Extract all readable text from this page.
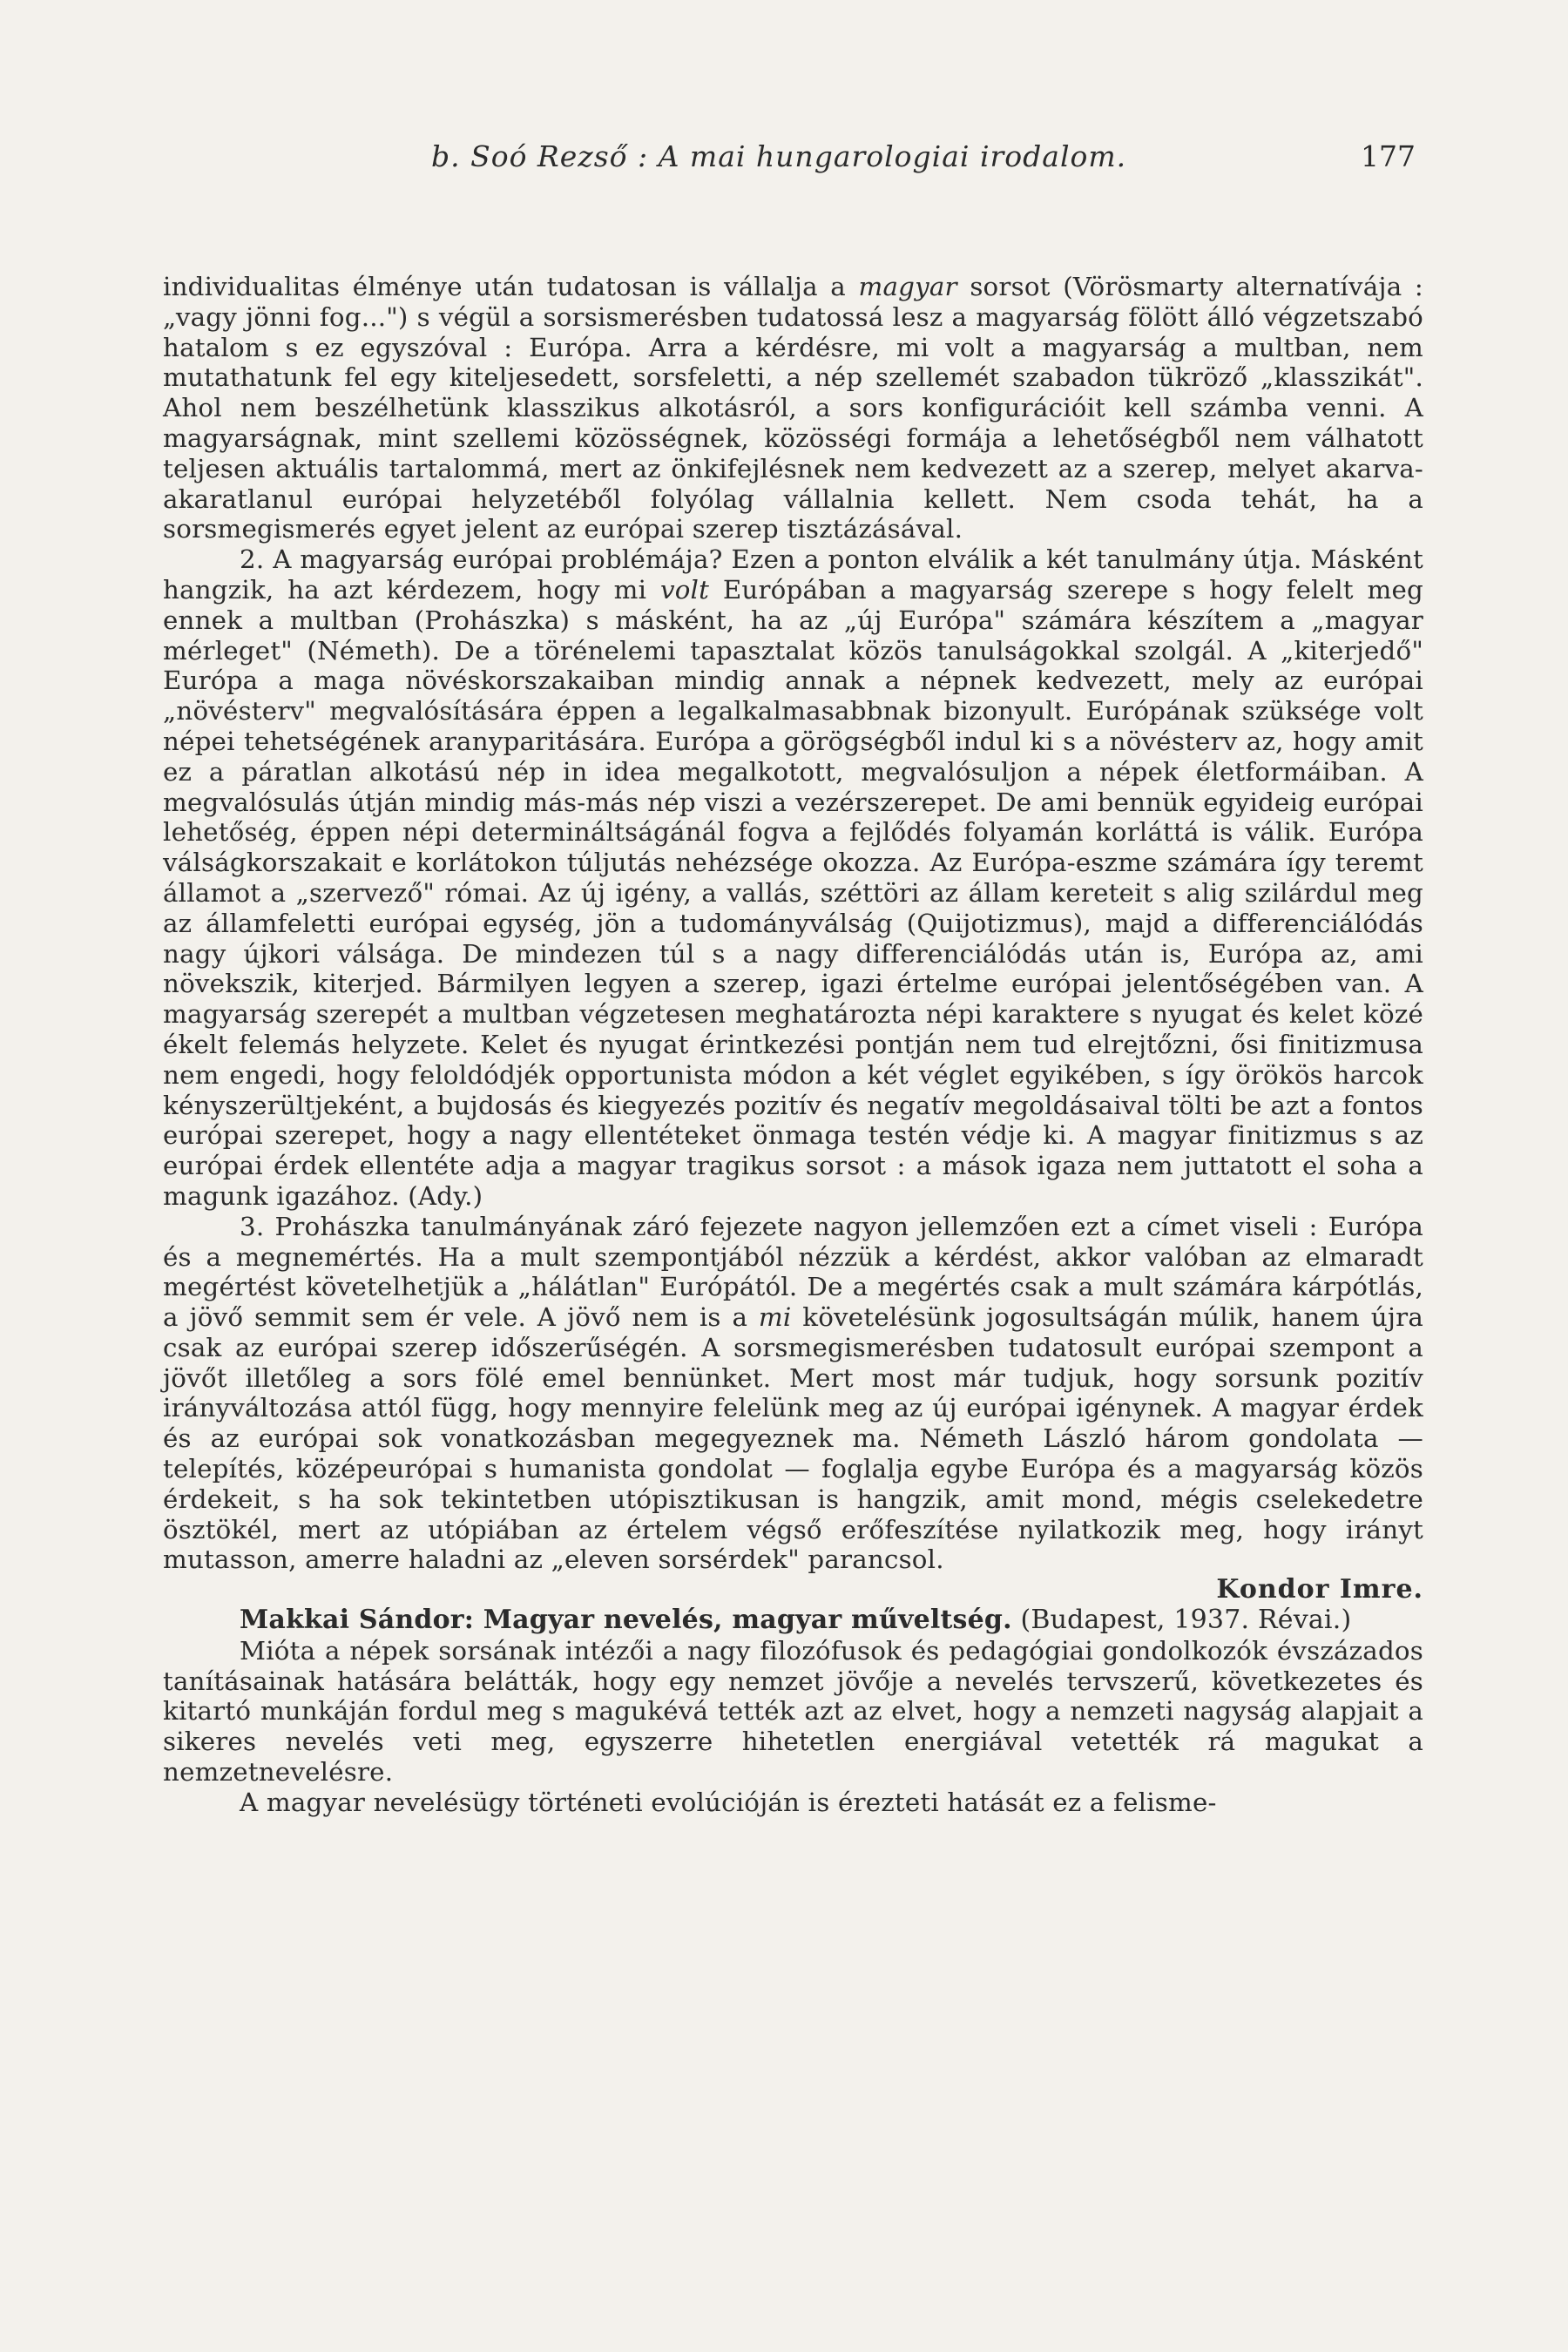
b. Soó Rezső : A mai hungarologiai irodalom.	177

individualitas élménye után tudatosan is vállalja a magyar sorsot (Vörösmarty alternatívája : „vagy jönni fog...") s végül a sorsismerésben tudatossá lesz a magyarság fölött álló végzetszabó hatalom s ez egyszóval : Európa. Arra a kérdésre, mi volt a magyarság a multban, nem mutathatunk fel egy kiteljesedett, sorsfeletti, a nép szellemét szabadon tükröző „klasszikát". Ahol nem beszélhetünk klasszikus alkotásról, a sors konfigurációit kell számba venni. A magyarságnak, mint szellemi közösségnek, közösségi formája a lehetőségből nem válhatott teljesen aktuális tartalommá, mert az önkifejlésnek nem kedvezett az a szerep, melyet akarva-akaratlanul európai helyzetéből folyólag vállalnia kellett. Nem csoda tehát, ha a sorsmegismerés egyet jelent az európai szerep tisztázásával.

2. A magyarság európai problémája? Ezen a ponton elválik a két tanulmány útja. Másként hangzik, ha azt kérdezem, hogy mi volt Európában a magyarság szerepe s hogy felelt meg ennek a multban (Prohászka) s másként, ha az „új Európa" számára készítem a „magyar mérleget" (Németh). De a törénelemi tapasztalat közös tanulságokkal szolgál. A „kiterjedő" Európa a maga növéskorszakaiban mindig annak a népnek kedvezett, mely az európai „növésterv" megvalósítására éppen a legalkalmasabbnak bizonyult. Európának szüksége volt népei tehetségének aranyparitására. Európa a görögségből indul ki s a növésterv az, hogy amit ez a páratlan alkotású nép in idea megalkotott, megvalósuljon a népek életformáiban. A megvalósulás útján mindig más-más nép viszi a vezérszerepet. De ami bennük egyideig európai lehetőség, éppen népi determináltságánál fogva a fejlődés folyamán korláttá is válik. Európa válságkorszakait e korlátokon túljutás nehézsége okozza. Az Európa-eszme számára így teremt államot a „szervező" római. Az új igény, a vallás, széttöri az állam kereteit s alig szilárdul meg az államfeletti európai egység, jön a tudományválság (Quijotizmus), majd a differenciálódás nagy újkori válsága. De mindezen túl s a nagy differenciálódás után is, Európa az, ami növekszik, kiterjed. Bármilyen legyen a szerep, igazi értelme európai jelentőségében van. A magyarság szerepét a multban végzetesen meghatározta népi karaktere s nyugat és kelet közé ékelt felemás helyzete. Kelet és nyugat érintkezési pontján nem tud elrejtőzni, ősi finitizmusa nem engedi, hogy feloldódjék opportunista módon a két véglet egyikében, s így örökös harcok kényszerültjeként, a bujdosás és kiegyezés pozitív és negatív megoldásaival tölti be azt a fontos európai szerepet, hogy a nagy ellentéteket önmaga testén védje ki. A magyar finitizmus s az európai érdek ellentéte adja a magyar tragikus sorsot : a mások igaza nem juttatott el soha a magunk igazához. (Ady.)

3. Prohászka tanulmányának záró fejezete nagyon jellemzően ezt a címet viseli : Európa és a megnemértés. Ha a mult szempontjából nézzük a kérdést, akkor valóban az elmaradt megértést követelhetjük a „hálátlan" Európától. De a megértés csak a mult számára kárpótlás, a jövő semmit sem ér vele. A jövő nem is a mi követelésünk jogosultságán múlik, hanem újra csak az európai szerep időszerűségén. A sorsmegismerésben tudatosult európai szempont a jövőt illetőleg a sors fölé emel bennünket. Mert most már tudjuk, hogy sorsunk pozitív irányváltozása attól függ, hogy mennyire felelünk meg az új európai igénynek. A magyar érdek és az európai sok vonatkozásban megegyeznek ma. Németh László három gondolata — telepítés, középeurópai s humanista gondolat — foglalja egybe Európa és a magyarság közös érdekeit, s ha sok tekintetben utópisztikusan is hangzik, amit mond, mégis cselekedetre ösztökél, mert az utópiában az értelem végső erőfeszítése nyilatkozik meg, hogy irányt mutasson, amerre haladni az „eleven sorsérdek" parancsol.

Kondor Imre.

Makkai Sándor: Magyar nevelés, magyar műveltség. (Budapest, 1937. Révai.)

Mióta a népek sorsának intézői a nagy filozófusok és pedagógiai gondolkozók évszázados tanításainak hatására belátták, hogy egy nemzet jövője a nevelés tervszerű, következetes és kitartó munkáján fordul meg s magukévá tették azt az elvet, hogy a nemzeti nagyság alapjait a sikeres nevelés veti meg, egyszerre hihetetlen energiával vetették rá magukat a nemzetnevelésre.

A magyar nevelésügy történeti evolúcióján is érezteti hatását ez a felisme-
